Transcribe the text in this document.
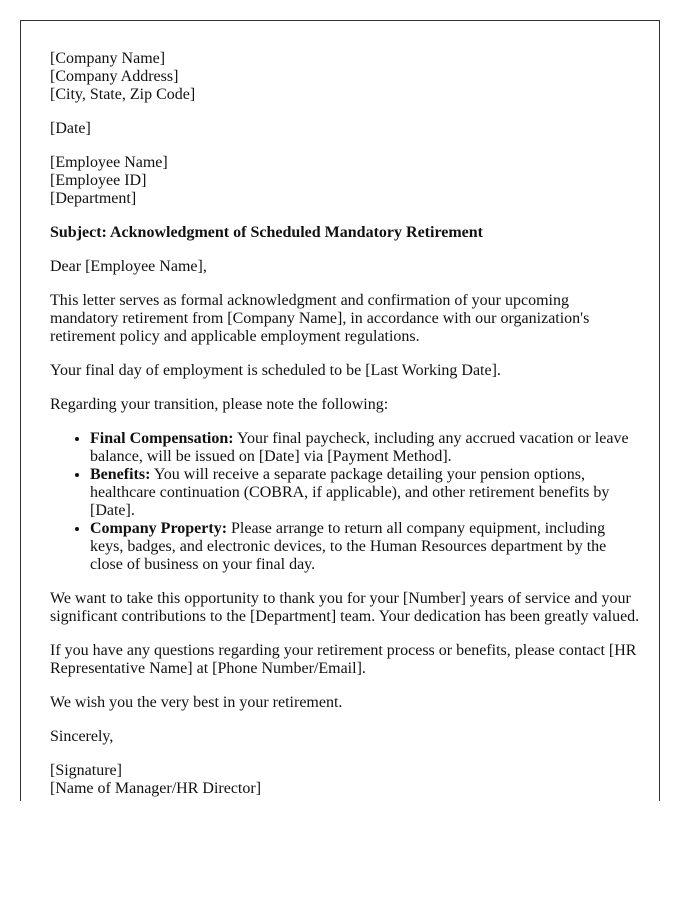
[Company Name]
[Company Address]
[City, State, Zip Code]

[Date]

[Employee Name]
[Employee ID]
[Department]

Subject: Acknowledgment of Scheduled Mandatory Retirement

Dear [Employee Name],

This letter serves as formal acknowledgment and confirmation of your upcoming mandatory retirement from [Company Name], in accordance with our organization's retirement policy and applicable employment regulations.

Your final day of employment is scheduled to be [Last Working Date].

Regarding your transition, please note the following:

• Final Compensation: Your final paycheck, including any accrued vacation or leave balance, will be issued on [Date] via [Payment Method].
• Benefits: You will receive a separate package detailing your pension options, healthcare continuation (COBRA, if applicable), and other retirement benefits by [Date].
• Company Property: Please arrange to return all company equipment, including keys, badges, and electronic devices, to the Human Resources department by the close of business on your final day.

We want to take this opportunity to thank you for your [Number] years of service and your significant contributions to the [Department] team. Your dedication has been greatly valued.

If you have any questions regarding your retirement process or benefits, please contact [HR Representative Name] at [Phone Number/Email].

We wish you the very best in your retirement.

Sincerely,

[Signature]
[Name of Manager/HR Director]
